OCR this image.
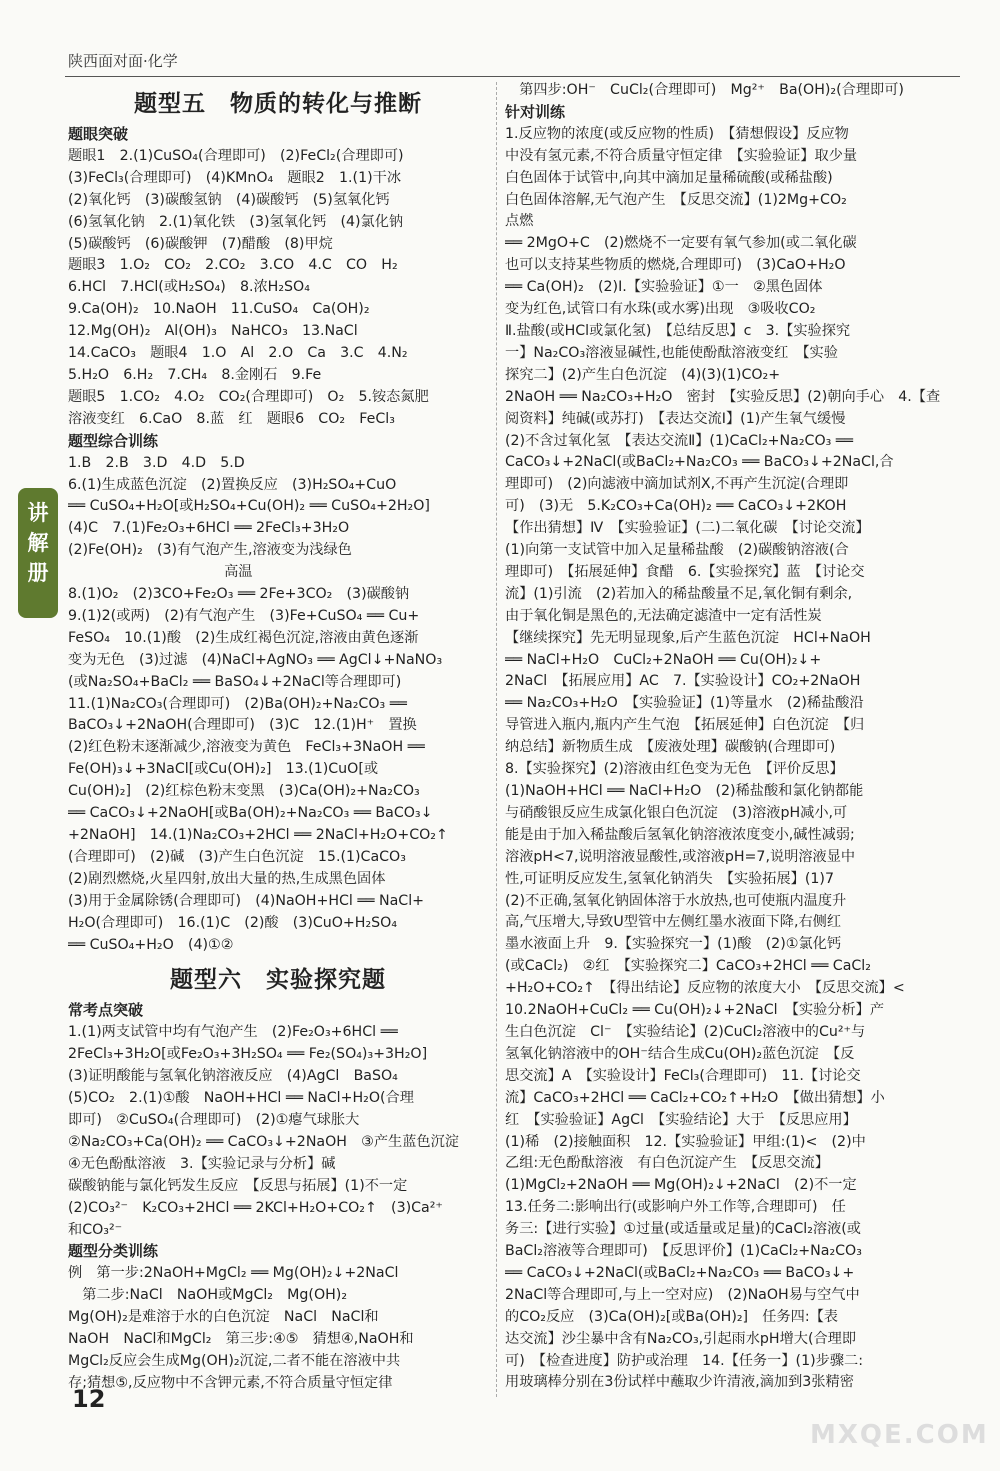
陕西面对面·化学
讲
解
册
题型五　物质的转化与推断

题眼突破

题眼1　2.(1)CuSO₄(合理即可)　(2)FeCl₂(合理即可)

(3)FeCl₃(合理即可)　(4)KMnO₄　题眼2　1.(1)干冰

(2)氧化钙　(3)碳酸氢钠　(4)碳酸钙　(5)氢氧化钙

(6)氢氧化钠　2.(1)氧化铁　(3)氢氧化钙　(4)氯化钠

(5)碳酸钙　(6)碳酸钾　(7)醋酸　(8)甲烷

题眼3　1.O₂　CO₂　2.CO₂　3.CO　4.C　CO　H₂

6.HCl　7.HCl(或H₂SO₄)　8.浓H₂SO₄

9.Ca(OH)₂　10.NaOH　11.CuSO₄　Ca(OH)₂

12.Mg(OH)₂　Al(OH)₃　NaHCO₃　13.NaCl

14.CaCO₃　题眼4　1.O　Al　2.O　Ca　3.C　4.N₂

5.H₂O　6.H₂　7.CH₄　8.金刚石　9.Fe

题眼5　1.CO₂　4.O₂　CO₂(合理即可)　O₂　5.铵态氮肥

溶液变红　6.CaO　8.蓝　红　题眼6　CO₂　FeCl₃

题型综合训练

1.B　2.B　3.D　4.D　5.D

6.(1)生成蓝色沉淀　(2)置换反应　(3)H₂SO₄+CuO

══ CuSO₄+H₂O[或H₂SO₄+Cu(OH)₂ ══ CuSO₄+2H₂O]

(4)C　7.(1)Fe₂O₃+6HCl ══ 2FeCl₃+3H₂O

(2)Fe(OH)₂　(3)有气泡产生,溶液变为浅绿色

　　　　　　　　　　　高温

8.(1)O₂　(2)3CO+Fe₂O₃ ══ 2Fe+3CO₂　(3)碳酸钠

9.(1)2(或两)　(2)有气泡产生　(3)Fe+CuSO₄ ══ Cu+

FeSO₄　10.(1)酸　(2)生成红褐色沉淀,溶液由黄色逐渐

变为无色　(3)过滤　(4)NaCl+AgNO₃ ══ AgCl↓+NaNO₃

(或Na₂SO₄+BaCl₂ ══ BaSO₄↓+2NaCl等合理即可)

11.(1)Na₂CO₃(合理即可)　(2)Ba(OH)₂+Na₂CO₃ ══

BaCO₃↓+2NaOH(合理即可)　(3)C　12.(1)H⁺　置换

(2)红色粉末逐渐减少,溶液变为黄色　FeCl₃+3NaOH ══

Fe(OH)₃↓+3NaCl[或Cu(OH)₂]　13.(1)CuO[或

Cu(OH)₂]　(2)红棕色粉末变黑　(3)Ca(OH)₂+Na₂CO₃

══ CaCO₃↓+2NaOH[或Ba(OH)₂+Na₂CO₃ ══ BaCO₃↓

+2NaOH]　14.(1)Na₂CO₃+2HCl ══ 2NaCl+H₂O+CO₂↑

(合理即可)　(2)碱　(3)产生白色沉淀　15.(1)CaCO₃

(2)剧烈燃烧,火星四射,放出大量的热,生成黑色固体

(3)用于金属除锈(合理即可)　(4)NaOH+HCl ══ NaCl+

H₂O(合理即可)　16.(1)C　(2)酸　(3)CuO+H₂SO₄

══ CuSO₄+H₂O　(4)①②

题型六　实验探究题

常考点突破

1.(1)两支试管中均有气泡产生　(2)Fe₂O₃+6HCl ══

2FeCl₃+3H₂O[或Fe₂O₃+3H₂SO₄ ══ Fe₂(SO₄)₃+3H₂O]

(3)证明酸能与氢氧化钠溶液反应　(4)AgCl　BaSO₄

(5)CO₂　2.(1)①酸　NaOH+HCl ══ NaCl+H₂O(合理

即可)　②CuSO₄(合理即可)　(2)①瘪气球胀大

②Na₂CO₃+Ca(OH)₂ ══ CaCO₃↓+2NaOH　③产生蓝色沉淀

④无色酚酞溶液　3.【实验记录与分析】碱

碳酸钠能与氯化钙发生反应　【反思与拓展】(1)不一定

(2)CO₃²⁻　K₂CO₃+2HCl ══ 2KCl+H₂O+CO₂↑　(3)Ca²⁺

和CO₃²⁻

题型分类训练

例　第一步:2NaOH+MgCl₂ ══ Mg(OH)₂↓+2NaCl

　第二步:NaCl　NaOH或MgCl₂　Mg(OH)₂

Mg(OH)₂是难溶于水的白色沉淀　NaCl　NaCl和

NaOH　NaCl和MgCl₂　第三步:④⑤　猜想④,NaOH和

MgCl₂反应会生成Mg(OH)₂沉淀,二者不能在溶液中共

存;猜想⑤,反应物中不含钾元素,不符合质量守恒定律

　第四步:OH⁻　CuCl₂(合理即可)　Mg²⁺　Ba(OH)₂(合理即可)

针对训练

1.反应物的浓度(或反应物的性质)　【猜想假设】反应物

中没有氢元素,不符合质量守恒定律　【实验验证】取少量

白色固体于试管中,向其中滴加足量稀硫酸(或稀盐酸)

白色固体溶解,无气泡产生　【反思交流】(1)2Mg+CO₂

点燃

══ 2MgO+C　(2)燃烧不一定要有氧气参加(或二氧化碳

也可以支持某些物质的燃烧,合理即可)　(3)CaO+H₂O

══ Ca(OH)₂　(2)Ⅰ.【实验验证】①一　②黑色固体

变为红色,试管口有水珠(或水雾)出现　③吸收CO₂

Ⅱ.盐酸(或HCl或氯化氢)　【总结反思】c　3.【实验探究

一】Na₂CO₃溶液显碱性,也能使酚酞溶液变红　【实验

探究二】(2)产生白色沉淀　(4)(3)(1)CO₂+

2NaOH ══ Na₂CO₃+H₂O　密封　【实验反思】(2)朝向手心　4.【查

阅资料】纯碱(或苏打)　【表达交流Ⅰ】(1)产生氧气缓慢

(2)不含过氧化氢　【表达交流Ⅱ】(1)CaCl₂+Na₂CO₃ ══

CaCO₃↓+2NaCl(或BaCl₂+Na₂CO₃ ══ BaCO₃↓+2NaCl,合

理即可)　(2)向滤液中滴加试剂X,不再产生沉淀(合理即

可)　(3)无　5.K₂CO₃+Ca(OH)₂ ══ CaCO₃↓+2KOH

【作出猜想】Ⅳ　【实验验证】(二)二氧化碳　【讨论交流】

(1)向第一支试管中加入足量稀盐酸　(2)碳酸钠溶液(合

理即可)　【拓展延伸】食醋　6.【实验探究】蓝　【讨论交

流】(1)引流　(2)若加入的稀盐酸量不足,氧化铜有剩余,

由于氧化铜是黑色的,无法确定滤渣中一定有活性炭

【继续探究】先无明显现象,后产生蓝色沉淀　HCl+NaOH

══ NaCl+H₂O　CuCl₂+2NaOH ══ Cu(OH)₂↓+

2NaCl　【拓展应用】AC　7.【实验设计】CO₂+2NaOH

══ Na₂CO₃+H₂O　【实验验证】(1)等量水　(2)稀盐酸沿

导管进入瓶内,瓶内产生气泡　【拓展延伸】白色沉淀　【归

纳总结】新物质生成　【废液处理】碳酸钠(合理即可)

8.【实验探究】(2)溶液由红色变为无色　【评价反思】

(1)NaOH+HCl ══ NaCl+H₂O　(2)稀盐酸和氯化钠都能

与硝酸银反应生成氯化银白色沉淀　(3)溶液pH减小,可

能是由于加入稀盐酸后氢氧化钠溶液浓度变小,碱性减弱;

溶液pH<7,说明溶液显酸性,或溶液pH=7,说明溶液显中

性,可证明反应发生,氢氧化钠消失　【实验拓展】(1)7

(2)不正确,氢氧化钠固体溶于水放热,也可使瓶内温度升

高,气压增大,导致U型管中左侧红墨水液面下降,右侧红

墨水液面上升　9.【实验探究一】(1)酸　(2)①氯化钙

(或CaCl₂)　②红　【实验探究二】CaCO₃+2HCl ══ CaCl₂

+H₂O+CO₂↑　【得出结论】反应物的浓度大小　【反思交流】<

10.2NaOH+CuCl₂ ══ Cu(OH)₂↓+2NaCl　【实验分析】产

生白色沉淀　Cl⁻　【实验结论】(2)CuCl₂溶液中的Cu²⁺与

氢氧化钠溶液中的OH⁻结合生成Cu(OH)₂蓝色沉淀　【反

思交流】A　【实验设计】FeCl₃(合理即可)　11.【讨论交

流】CaCO₃+2HCl ══ CaCl₂+CO₂↑+H₂O　【做出猜想】小

红　【实验验证】AgCl　【实验结论】大于　【反思应用】

(1)稀　(2)接触面积　12.【实验验证】甲组:(1)<　(2)中

乙组:无色酚酞溶液　有白色沉淀产生　【反思交流】

(1)MgCl₂+2NaOH ══ Mg(OH)₂↓+2NaCl　(2)不一定

13.任务二:影响出行(或影响户外工作等,合理即可)　任

务三:【进行实验】①过量(或适量或足量)的CaCl₂溶液(或

BaCl₂溶液等合理即可)　【反思评价】(1)CaCl₂+Na₂CO₃

══ CaCO₃↓+2NaCl(或BaCl₂+Na₂CO₃ ══ BaCO₃↓+

2NaCl等合理即可,与上一空对应)　(2)NaOH易与空气中

的CO₂反应　(3)Ca(OH)₂[或Ba(OH)₂]　任务四:【表

达交流】沙尘暴中含有Na₂CO₃,引起雨水pH增大(合理即

可)　【检查进度】防护或治理　14.【任务一】(1)步骤二:

用玻璃棒分别在3份试样中蘸取少许清液,滴加到3张精密

12
MXQE.COM
